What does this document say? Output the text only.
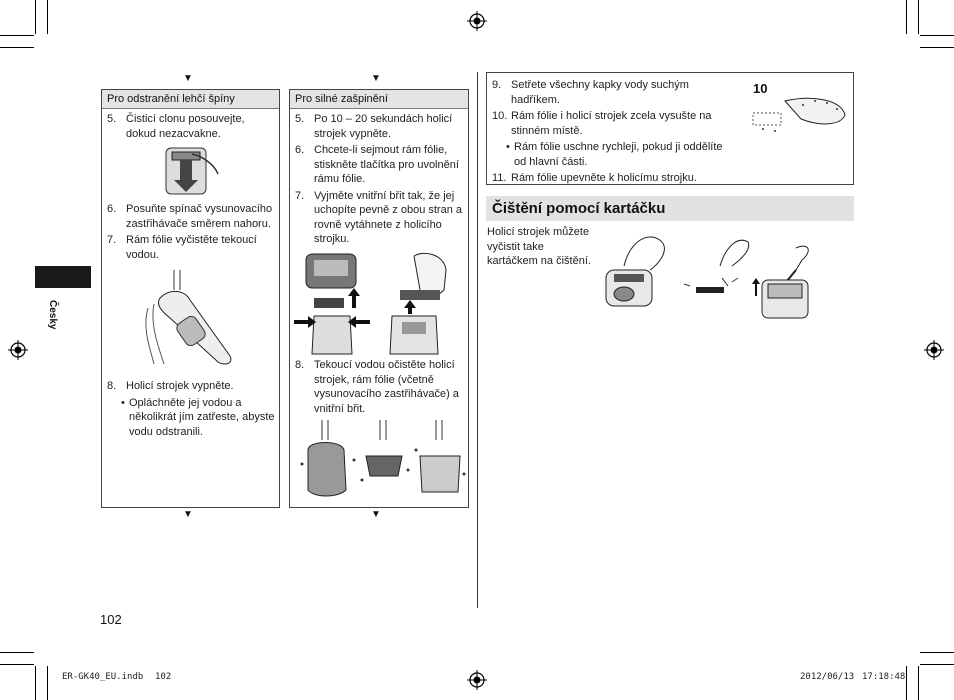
Česky
▼	▼
▼	▼
Pro odstranění lehčí špíny
5. Čisticí clonu posouvejte, dokud nezacvakne.
6. Posuňte spínač vysunovacího zastřihávače směrem nahoru.
7. Rám fólie vyčistěte tekoucí vodou.
8. Holicí strojek vypněte.
• Opláchněte jej vodou a několikrát jím zatřeste, abyste vodu odstranili.
Pro silné zašpinění
5. Po 10 – 20 sekundách holicí strojek vypněte.
6. Chcete-li sejmout rám fólie, stiskněte tlačítka pro uvolnění rámu fólie.
7. Vyjměte vnitřní břit tak, že jej uchopíte pevně z obou stran a rovně vytáhnete z holicího strojku.
8. Tekoucí vodou očistěte holicí strojek, rám fólie (včetně vysunovacího zastřihávače) a vnitřní břit.
9. Setřete všechny kapky vody suchým hadříkem.
10. Rám fólie i holicí strojek zcela vysušte na stinném místě.
• Rám fólie uschne rychleji, pokud ji oddělíte od hlavní části.
11. Rám fólie upevněte k holicímu strojku.
10
Čištění pomocí kartáčku
Holicí strojek můžete vyčistit take kartáčkem na čištění.
102
ER-GK40_EU.indb 102	2012/06/13 17:18:48
